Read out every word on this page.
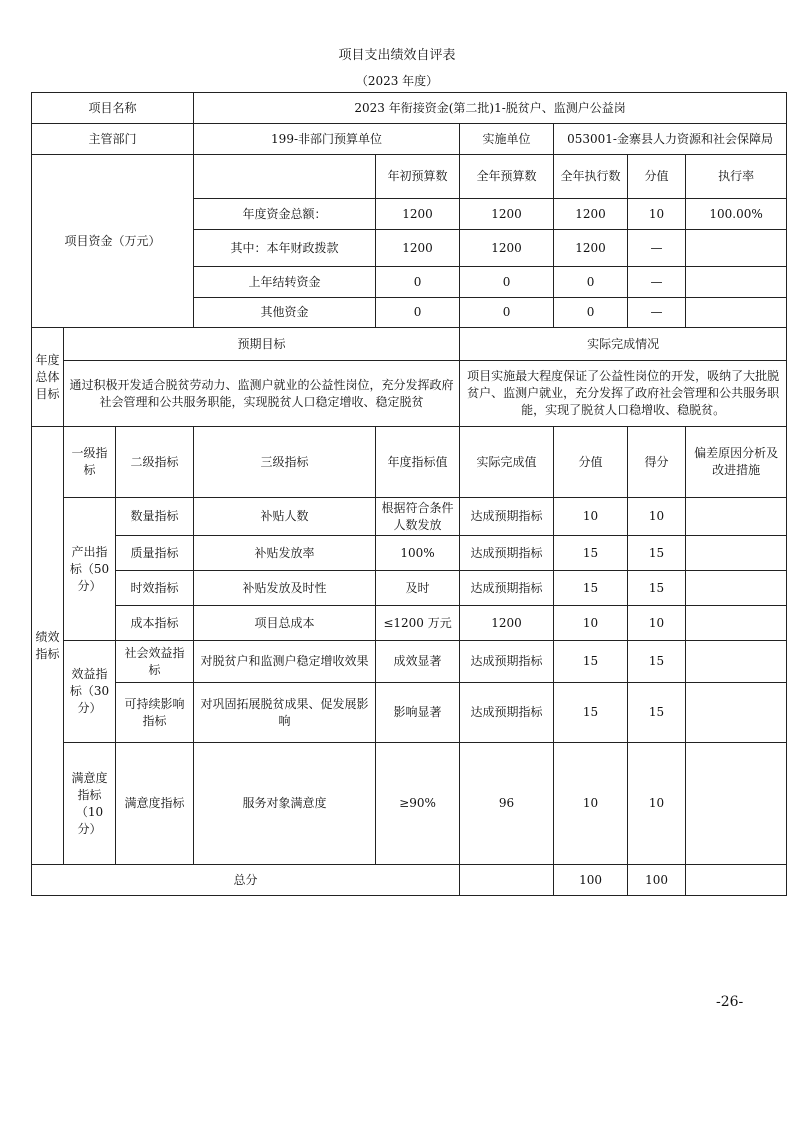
项目支出绩效自评表
（2023 年度）
项目名称			2023 年衔接资金(第二批)1-脱贫户、监测户公益岗						
主管部门			199-非部门预算单位		实施单位	053001-金寨县人力资源和社会保障局			
项目资金（万元）				年初预算数	全年预算数	全年执行数	分值	执行率	
			年度资金总额：	1200	1200	1200	10	100.00%	
			其中：本年财政拨款	1200	1200	1200	—		
			上年结转资金	0	0	0	—		
			其他资金	0	0	0	—		
年度总体目标	预期目标				实际完成情况				
	通过积极开发适合脱贫劳动力、监测户就业的公益性岗位，充分发挥政府社会管理和公共服务职能，实现脱贫人口稳定增收、稳定脱贫				项目实施最大程度保证了公益性岗位的开发，吸纳了大批脱贫户、监测户就业，充分发挥了政府社会管理和公共服务职能，实现了脱贫人口稳增收、稳脱贫。				
绩效指标	一级指标	二级指标	三级指标	年度指标值	实际完成值	分值	得分	偏差原因分析及改进措施	
	产出指标（50分）	数量指标	补贴人数	根据符合条件人数发放	达成预期指标	10	10		
		质量指标	补贴发放率	100%	达成预期指标	15	15		
		时效指标	补贴发放及时性	及时	达成预期指标	15	15		
		成本指标	项目总成本	≤1200 万元	1200	10	10		
	效益指标（30分）	社会效益指标	对脱贫户和监测户稳定增收效果	成效显著	达成预期指标	15	15		
		可持续影响指标	对巩固拓展脱贫成果、促发展影响	影响显著	达成预期指标	15	15		
	满意度指标（10分）	满意度指标	服务对象满意度	≥90%	96	10	10		
总分						100	100		
-26-
